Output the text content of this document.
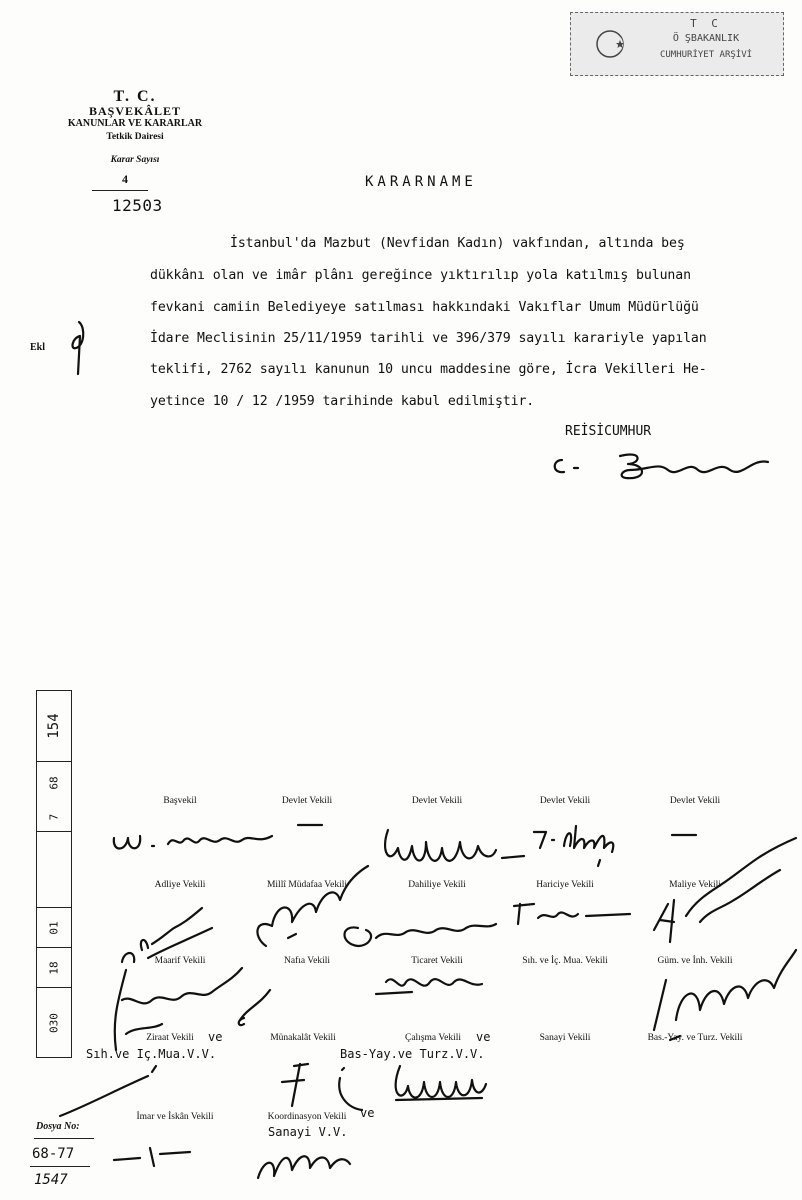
T C
Ö ŞBAKANLIK
CUMHURİYET ARŞİVİ
T. C.
BAŞVEKÂLET
KANUNLAR VE KARARLAR
Tetkik Dairesi
Karar Sayısı
4
12503
KARARNAME
İstanbul'da Mazbut (Nevfidan Kadın) vakfından, altında beş
dükkânı olan ve imâr plânı gereğince yıktırılıp yola katılmış bulunan
fevkani camiin Belediyeye satılması hakkındaki Vakıflar Umum Müdürlüğü
İdare Meclisinin 25/11/1959 tarihli ve 396/379 sayılı karariyle yapılan
teklifi, 2762 sayılı kanunun 10 uncu maddesine göre, İcra Vekilleri He-
yetince 10 / 12 /1959 tarihinde kabul edilmiştir.
Ekl
REİSİCUMHUR
154
68
7
01
18
030
Başvekil	Devlet Vekili	Devlet Vekili	Devlet Vekili	Devlet Vekili
Adliye Vekili	Millî Müdafaa Vekili	Dahiliye Vekili	Hariciye Vekili	Maliye Vekili
Maarif Vekili	Nafıa Vekili	Ticaret Vekili	Sıh. ve İç. Mua. Vekili	Güm. ve İnh. Vekili
Ziraat Vekili	ve	Münakalât Vekili	Çalışma Vekili	ve	Sanayi Vekili	Bas.-Yay. ve Turz. Vekili
Sıh.ve Iç.Mua.V.V.	Bas-Yay.ve Turz.V.V.
İmar ve İskân Vekili	Koordinasyon Vekili	ve
Sanayi V.V.
Dosya No:
68-77
1547
